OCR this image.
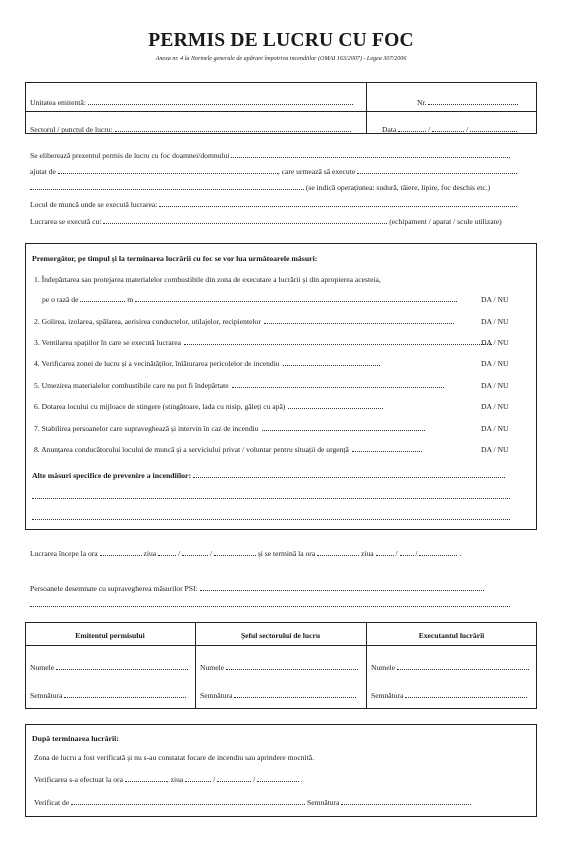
PERMIS DE LUCRU CU FOC
Anexa nr. 4 la Normele generale de apărare împotriva incendiilor (OMAI 163/2007) - Legea 307/2006
Unitatea emitentă:	Nr.
Sectorul / punctul de lucru:	Data	/	/
Se eliberează prezentul permis de lucru cu foc doamnei/domnului	,
ajutat de	, care urmează să execute
(se indică operațiunea: sudură, tăiere, lipire, foc deschis etc.)
Locul de muncă unde se execută lucrarea:
Lucrarea se execută cu:	(echipament / aparat / scule utilizate)
Premergător, pe timpul și la terminarea lucrării cu foc se vor lua următoarele măsuri:
1. Îndepărtarea sau protejarea materialelor combustibile din zona de executare a lucrării și din apropierea acesteia,
pe o rază de	m	DA / NU
2. Golirea, izolarea, spălarea, aerisirea conductelor, utilajelor, recipientelor	DA / NU
3. Ventilarea spațiilor în care se execută lucrarea	DA / NU
4. Verificarea zonei de lucru și a vecinătăților, înlăturarea pericolelor de incendiu	DA / NU
5. Umezirea materialelor combustibile care nu pot fi îndepărtate	DA / NU
6. Dotarea locului cu mijloace de stingere (stingătoare, lada cu nisip, găleți cu apă)	DA / NU
7. Stabilirea persoanelor care supraveghează și intervin în caz de incendiu	DA / NU
8. Anunțarea conducătorului locului de muncă și a serviciului privat / voluntar pentru situații de urgență	DA / NU
Alte măsuri specifice de prevenire a incendiilor:
Lucrarea începe la ora	ziua	/	/	și se termină la ora	ziua	/ /	.
Persoanele desemnate cu supravegherea măsurilor PSI:
Emitentul permisului	Șeful sectorului de lucru	Executantul lucrării
Numele	Numele	Numele
Semnătura	Semnătura	Semnătura
După terminarea lucrării:
Zona de lucru a fost verificată și nu s-au constatat focare de incendiu sau aprindere mocnită.
Verificarea s-a efectuat la ora	, ziua	/	/	.
Verificat de	Semnătura
